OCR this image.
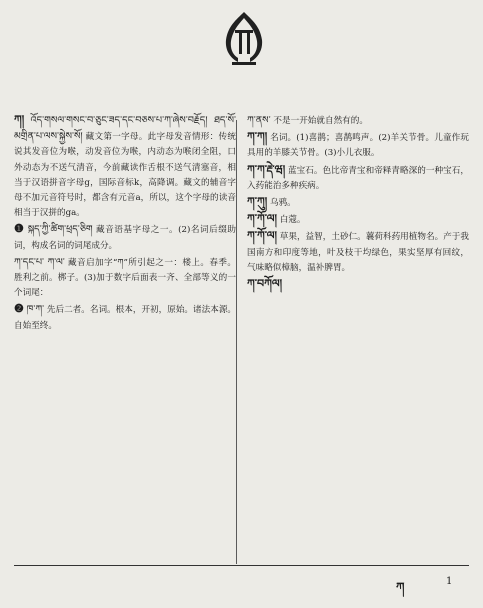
ཀ། འོད་གསལ་གསང་བ་ཅུང་ཟད་དང་བཅས་པ་ཀ་ཞེས་བརྗོད། ཐད་སོ་མགྲིན་པ་ལས་སྐྱེས་སོ། 藏文第一字母。此字母发音情形：传统说其发音位为喉，动发音位为喉，内动态为喉闭全阻，口外动态为不送气清音，今前藏读作舌根不送气清塞音，相当于汉语拼音字母g，国际音标k，高降调。藏文的辅音字母不加元音符号时，都含有元音a，所以，这个字母的读音相当于汉拼的ga。
❶ སྐད་ཀྱི་ཚིག་ཕྲད་ཅིག 藏音语基字母之一。(2)名词后缀助词，构成名词的词尾成分。
ཀ་དང་པ་ ཀ་ལ་ 藏音启加字“ཀ”所引起之一：楼上。春季。胜利之前。梆子。(3)加于数字后面表一齐、全部等义的一个词尾：
❷ ཁ་ཀ་ 先后二者。名词。根本，开初，原始。诸法本源。自始至终。
ཀ་ནས་ 不是一开始就自然有的。
ཀ་ཀ། 名词。(1)喜鹊；喜鹊鸣声。(2)羊关节骨。儿童作玩具用的羊膝关节骨。(3)小儿衣服。
ཀ་ཀ་རྡེ་ཝ། 蓝宝石。色比帝青宝和帝释青略深的一种宝石，入药能治多种疾病。
ཀ་ཀུ། 乌鸦。
ཀ་ཀོ་ལ། 白蔻。
ཀ་ཀོ་ལ། 草果，益智，土砂仁。蘘荷科药用植物名。产于我国南方和印度等地，叶及枝干均绿色，果实坚厚有回纹，气味略似樟脑，温补脾胃。
ཀ་བཀོལ།
ཀ	1
